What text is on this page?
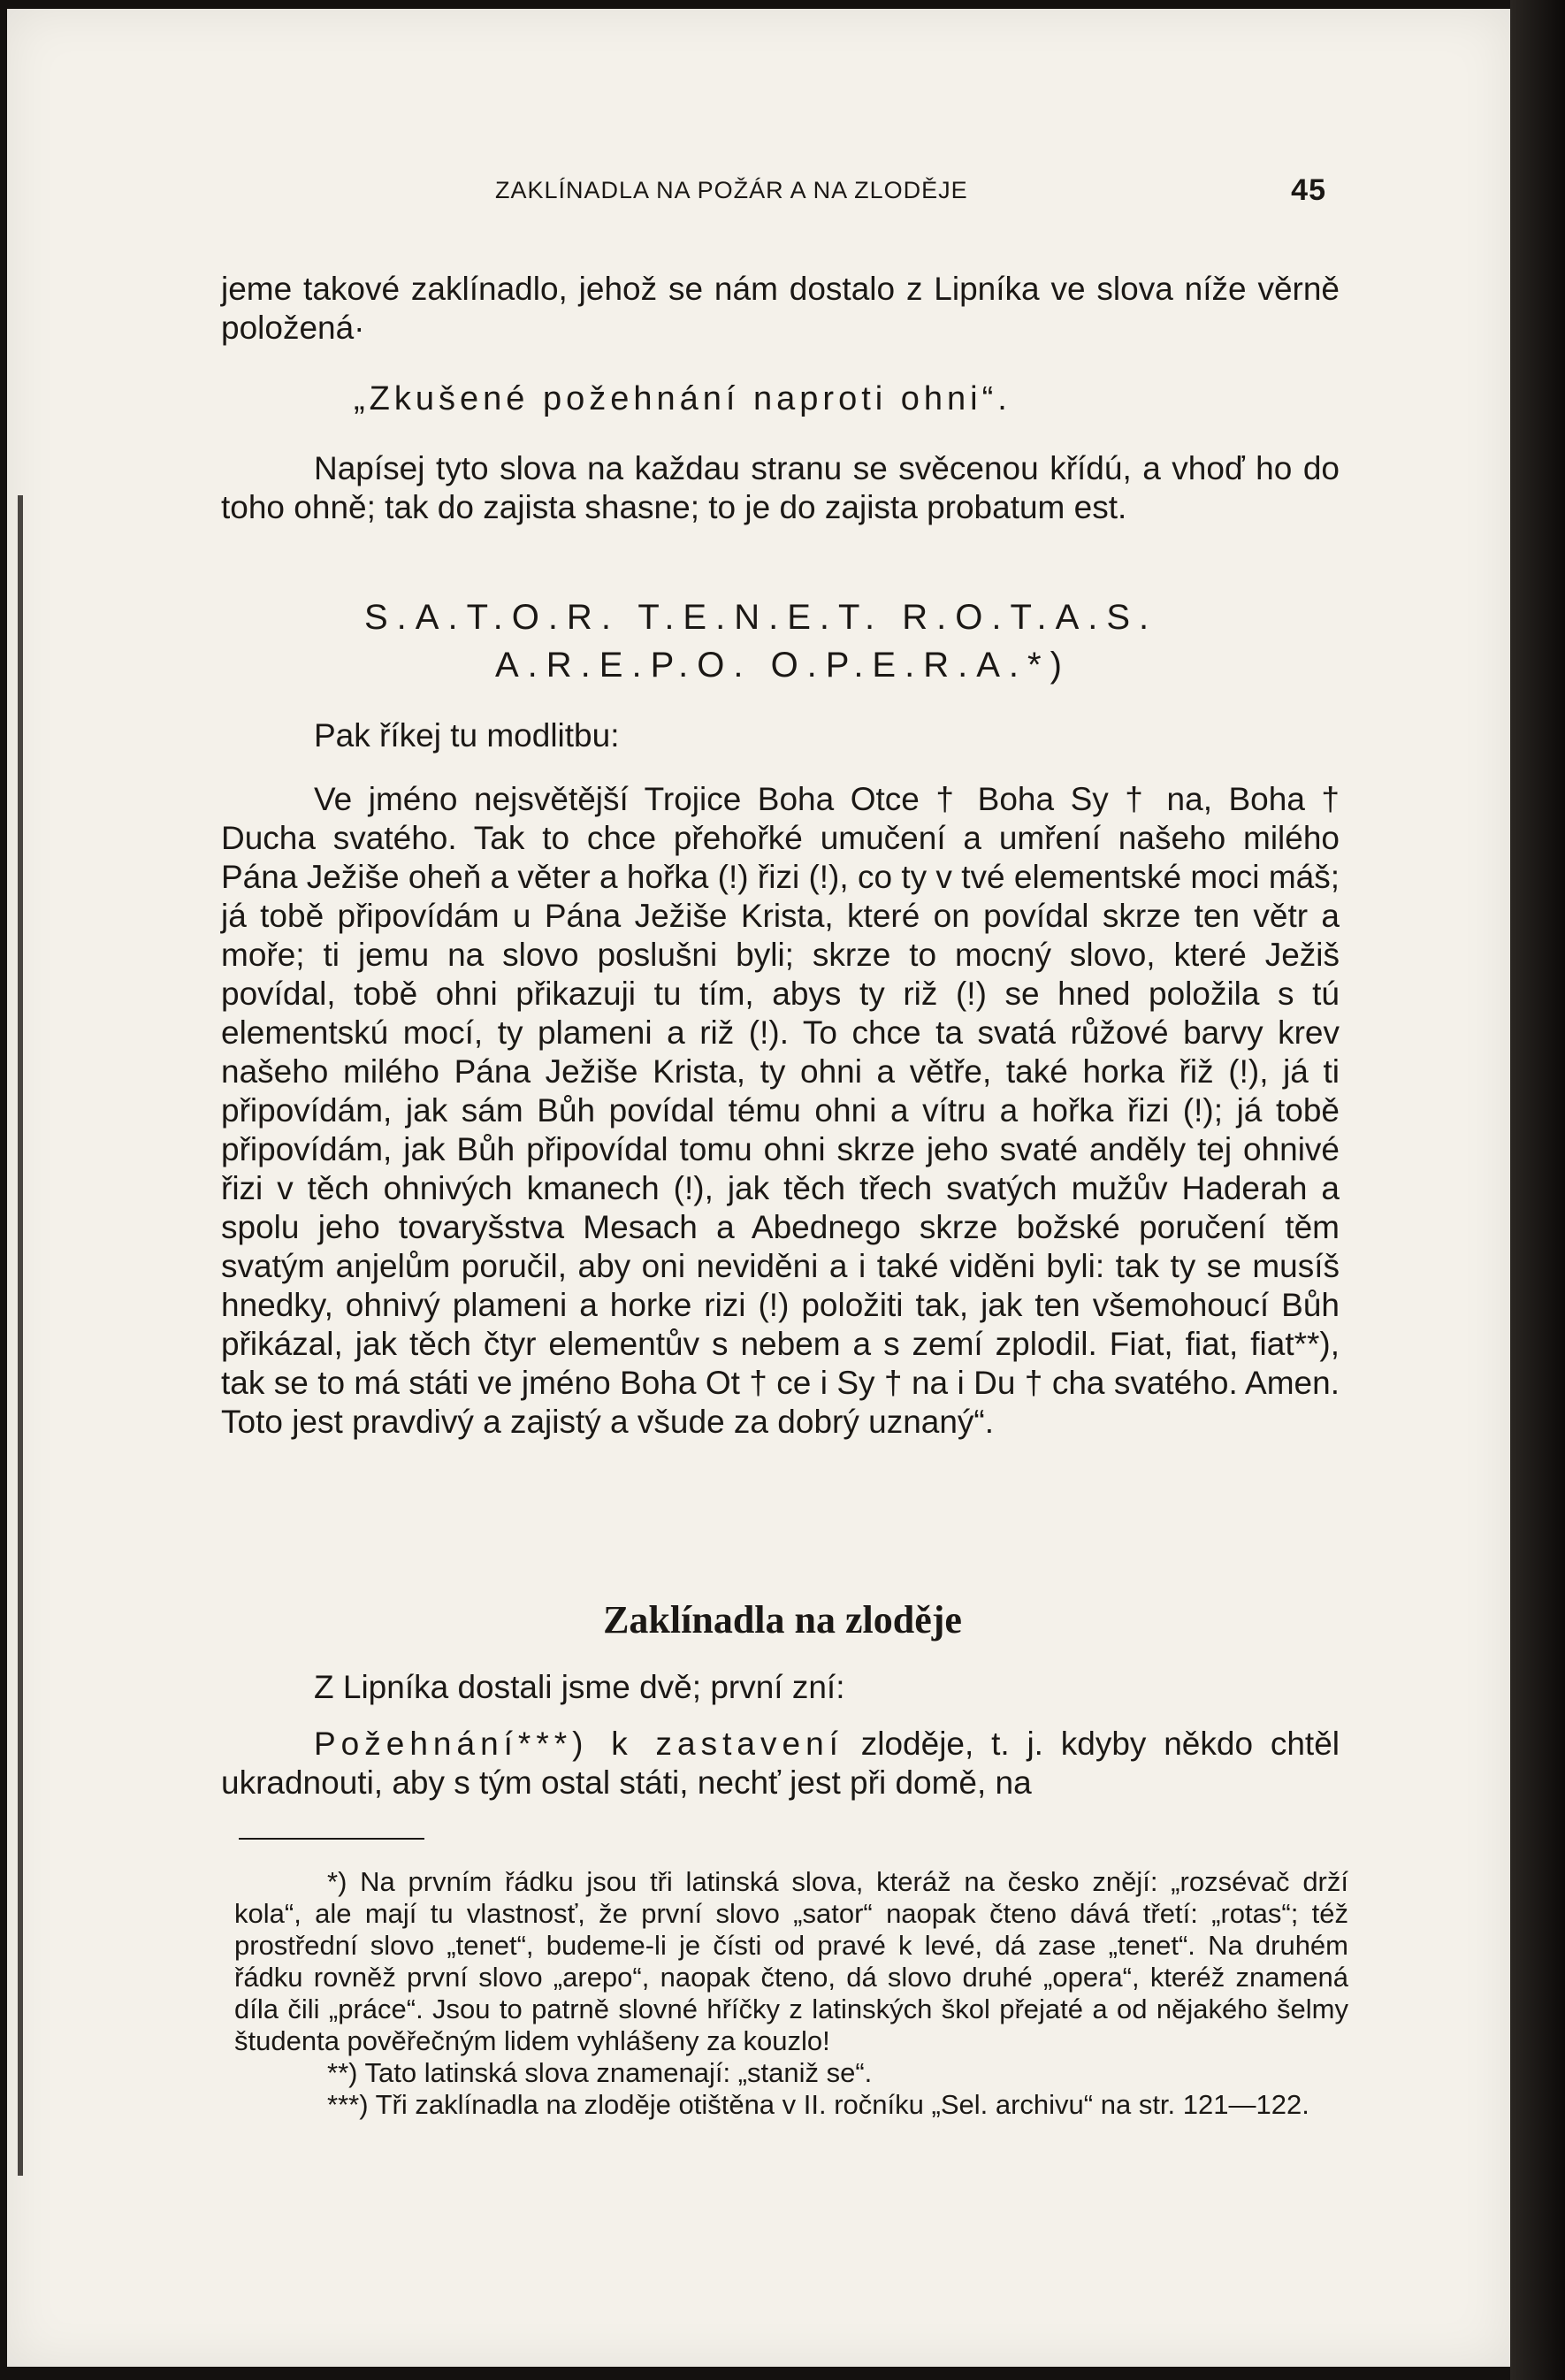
ZAKLÍNADLA NA POŽÁR A NA ZLODĚJE	45

jeme takové zaklínadlo, jehož se nám dostalo z Lipníka ve slova níže věrně položená·

„Zkušené požehnání naproti ohni“.

Napísej tyto slova na každau stranu se svěcenou křídú, a vhoď ho do toho ohně; tak do zajista shasne; to je do zajista probatum est.

S.A.T.O.R. T.E.N.E.T. R.O.T.A.S.
A.R.E.P.O. O.P.E.R.A.*)

Pak říkej tu modlitbu:

Ve jméno nejsvětější Trojice Boha Otce † Boha Sy † na, Boha † Ducha svatého. Tak to chce přehořké umučení a umření našeho milého Pána Ježiše oheň a věter a hořka (!) řizi (!), co ty v tvé elementské moci máš; já tobě připovídám u Pána Ježiše Krista, které on povídal skrze ten větr a moře; ti jemu na slovo poslušni byli; skrze to mocný slovo, které Ježiš povídal, tobě ohni přikazuji tu tím, abys ty riž (!) se hned položila s tú elementskú mocí, ty plameni a riž (!). To chce ta svatá růžové barvy krev našeho milého Pána Ježiše Krista, ty ohni a větře, také horka řiž (!), já ti připovídám, jak sám Bůh povídal tému ohni a vítru a hořka řizi (!); já tobě připovídám, jak Bůh připovídal tomu ohni skrze jeho svaté anděly tej ohnivé řizi v těch ohnivých kmanech (!), jak těch třech svatých mužův Haderah a spolu jeho tovaryšstva Mesach a Abednego skrze božské poručení těm svatým anjelům poručil, aby oni neviděni a i také viděni byli: tak ty se musíš hnedky, ohnivý plameni a horke rizi (!) položiti tak, jak ten všemohoucí Bůh přikázal, jak těch čtyr elementův s nebem a s zemí zplodil. Fiat, fiat, fiat**), tak se to má státi ve jméno Boha Ot † ce i Sy † na i Du † cha svatého. Amen. Toto jest pravdivý a zajistý a všude za dobrý uznaný“.

Zaklínadla na zloděje

Z Lipníka dostali jsme dvě; první zní:

Požehnání***) k zastavení zloděje, t. j. kdyby někdo chtěl ukradnouti, aby s tým ostal státi, nechť jest při domě, na

*) Na prvním řádku jsou tři latinská slova, kteráž na česko znějí: „rozsévač drží kola“, ale mají tu vlastnosť, že první slovo „sator“ naopak čteno dává třetí: „rotas“; též prostřední slovo „tenet“, budeme-li je čísti od pravé k levé, dá zase „tenet“. Na druhém řádku rovněž první slovo „arepo“, naopak čteno, dá slovo druhé „opera“, kteréž znamená díla čili „práce“. Jsou to patrně slovné hříčky z latinských škol přejaté a od nějakého šelmy študenta pověřečným lidem vyhlášeny za kouzlo!

**) Tato latinská slova znamenají: „staniž se“.

***) Tři zaklínadla na zloděje otištěna v II. ročníku „Sel. archivu“ na str. 121—122.
